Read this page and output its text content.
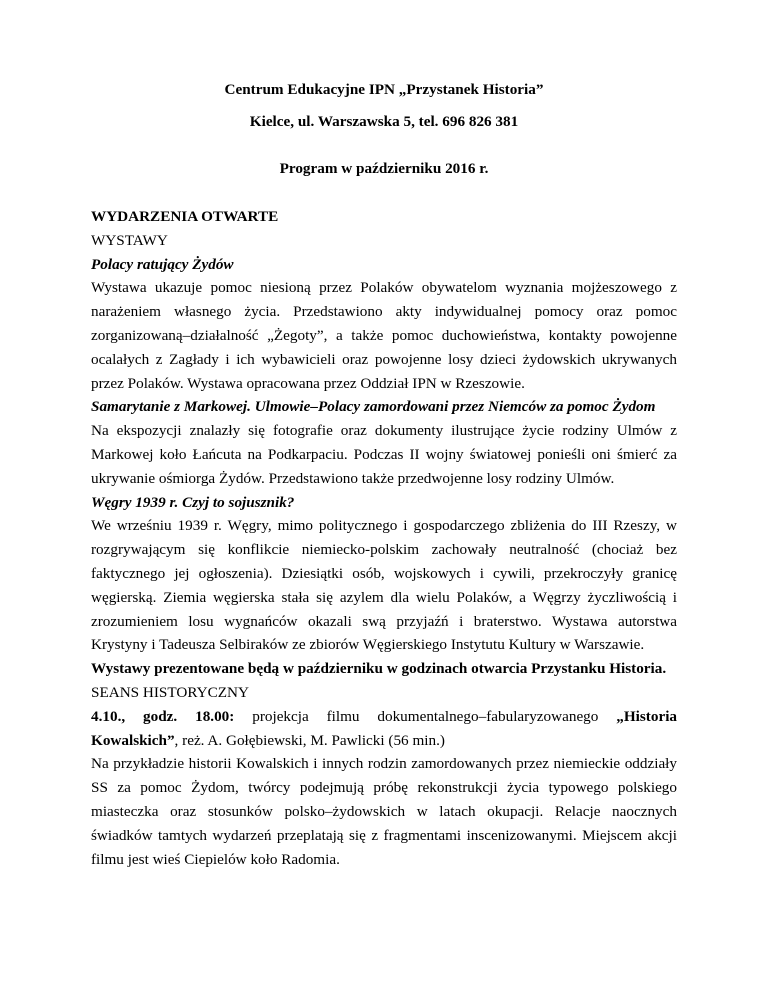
Centrum Edukacyjne IPN „Przystanek Historia”
Kielce, ul. Warszawska 5, tel. 696 826 381
Program w październiku 2016 r.
WYDARZENIA OTWARTE
WYSTAWY
Polacy ratujący Żydów

Wystawa ukazuje pomoc niesioną przez Polaków obywatelom wyznania mojżeszowego z narażeniem własnego życia. Przedstawiono akty indywidualnej pomocy oraz pomoc zorganizowaną–działalność „Żegoty”, a także pomoc duchowieństwa, kontakty powojenne ocalałych z Zagłady i ich wybawicieli oraz powojenne losy dzieci żydowskich ukrywanych przez Polaków. Wystawa opracowana przez Oddział IPN w Rzeszowie.

Samarytanie z Markowej. Ulmowie–Polacy zamordowani przez Niemców za pomoc Żydom

Na ekspozycji znalazły się fotografie oraz dokumenty ilustrujące życie rodziny Ulmów z Markowej koło Łańcuta na Podkarpaciu. Podczas II wojny światowej ponieśli oni śmierć za ukrywanie ośmiorga Żydów. Przedstawiono także przedwojenne losy rodziny Ulmów.

Węgry 1939 r. Czyj to sojusznik?

We wrześniu 1939 r. Węgry, mimo politycznego i gospodarczego zbliżenia do III Rzeszy, w rozgrywającym się konflikcie niemiecko-polskim zachowały neutralność (chociaż bez faktycznego jej ogłoszenia). Dziesiątki osób, wojskowych i cywili, przekroczyły granicę węgierską. Ziemia węgierska stała się azylem dla wielu Polaków, a Węgrzy życzliwością i zrozumieniem losu wygnańców okazali swą przyjaźń i braterstwo. Wystawa autorstwa Krystyny i Tadeusza Selbiraków ze zbiorów Węgierskiego Instytutu Kultury w Warszawie.

Wystawy prezentowane będą w październiku w godzinach otwarcia Przystanku Historia.

SEANS HISTORYCZNY

4.10., godz. 18.00: projekcja filmu dokumentalnego–fabularyzowanego „Historia Kowalskich”, reż. A. Gołębiewski, M. Pawlicki (56 min.)

Na przykładzie historii Kowalskich i innych rodzin zamordowanych przez niemieckie oddziały SS za pomoc Żydom, twórcy podejmują próbę rekonstrukcji życia typowego polskiego miasteczka oraz stosunków polsko–żydowskich w latach okupacji. Relacje naocznych świadków tamtych wydarzeń przeplatają się z fragmentami inscenizowanymi. Miejscem akcji filmu jest wieś Ciepielów koło Radomia.
